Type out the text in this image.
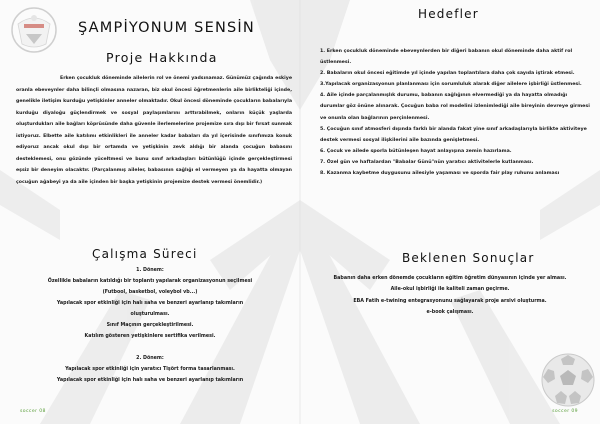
ŞAMPİYONUM SENSİN
Proje Hakkında

Erken çocukluk döneminde ailelerin rol ve önemi yadsınamaz. Günümüz çağında eskiye oranla ebeveynler daha bilinçli olmasına nazaran, biz okul öncesi öğretmenlerin aile birlikteliği içinde, genelikle iletişim kurduğu yetişkinler anneler olmaktadır. Okul öncesi döneminde çocukların babalarıyla kurduğu diyaloğu güçlendirmek ve sosyal paylaşımlarını arttırabilmek, onların küçük yaşlarda oluşturdukları aile bağları köprüsünde daha güvenle ilerlemelerine projemize sıra dışı bir fırsat sunmak istiyoruz. Elbette aile katılımı etkinlikleri ile anneler kadar babaları da yıl içerisinde sınıfımıza konuk ediyoruz ancak okul dışı bir ortamda ve yetişkinin zevk aldığı bir alanda çocuğun babasını desteklemesi, onu gözünde yüceltmesi ve bunu sınıf arkadaşları bütünlüğü içinde gerçekleştirmesi eşsiz bir deneyim olacaktır. (Parçalanmış aileler, babasının sağlığı el vermeyen ya da hayatta olmayan çocuğun ağabeyi ya da aile içinden bir başka yetişkinin projemize destek vermesi önemlidir.)

Çalışma Süreci
1. Dönem:
Özellikle babaların katıldığı bir toplantı yapılarak organizasyonun seçilmesi
(Futbool, basketbol, voleybol vb...)
Yapılacak spor etkinliği için halı saha ve benzeri ayarlanıp takımların
oluşturulması.
Sınıf Maçının gerçekleştirilmesi.
Katılım gösteren yetişkinlere sertifika verilmesi.
2. Dönem:
Yapılacak spor etkinliği için yaratıcı Tişört forma tasarlanması.
Yapılacak spor etkinliği için halı saha ve benzeri ayarlanıp takımların
soccer 08
Hedefler
1. Erken çocukluk döneminde ebeveynlerden bir diğeri babanın okul döneminde daha aktif rol üstlenmesi.
2. Babaların okul öncesi eğitimde yıl içinde yapılan toplantılara daha çok sayıda iştirak etmesi.
3.Yapılacak organizasyonun planlanması için sorumluluk alarak diğer ailelere işbirliği üstlenmesi.
4. Aile içinde parçalanmışlık durumu, babanın sağlığının elvermediği ya da hayatta olmadığı durumlar göz önüne alınarak. Çocuğun baba rol modelini izlenimlediği aile bireyinin devreye girmesi ve onunla olan bağlarının perçinlenmesi.
5. Çocuğun sınıf atmosferi dışında farklı bir alanda fakat yine sınıf arkadaşlarıyla birlikte aktiviteye destek vermesi sosyal ilişkilerini aile bazında genişletmesi.
6. Çocuk ve ailede sporla bütünleşen hayat anlayışına zemin hazırlama.
7. Özel gün ve haftalardan "Babalar Günü"nün yaratıcı aktivitelerle kutlanması.
8. Kazanma kaybetme duygusunu ailesiyle yaşaması ve sporda fair play ruhunu anlaması
Beklenen Sonuçlar
Babanın daha erken dönemde çocukların eğitim öğretim dünyasının içinde yer alması.
Aile-okul işbirliği ile kaliteli zaman geçirme.
EBA Fatih e-twining entegrasyonunu sağlayarak proje arsivi oluşturma.
e-book çalışması.
soccer 09
